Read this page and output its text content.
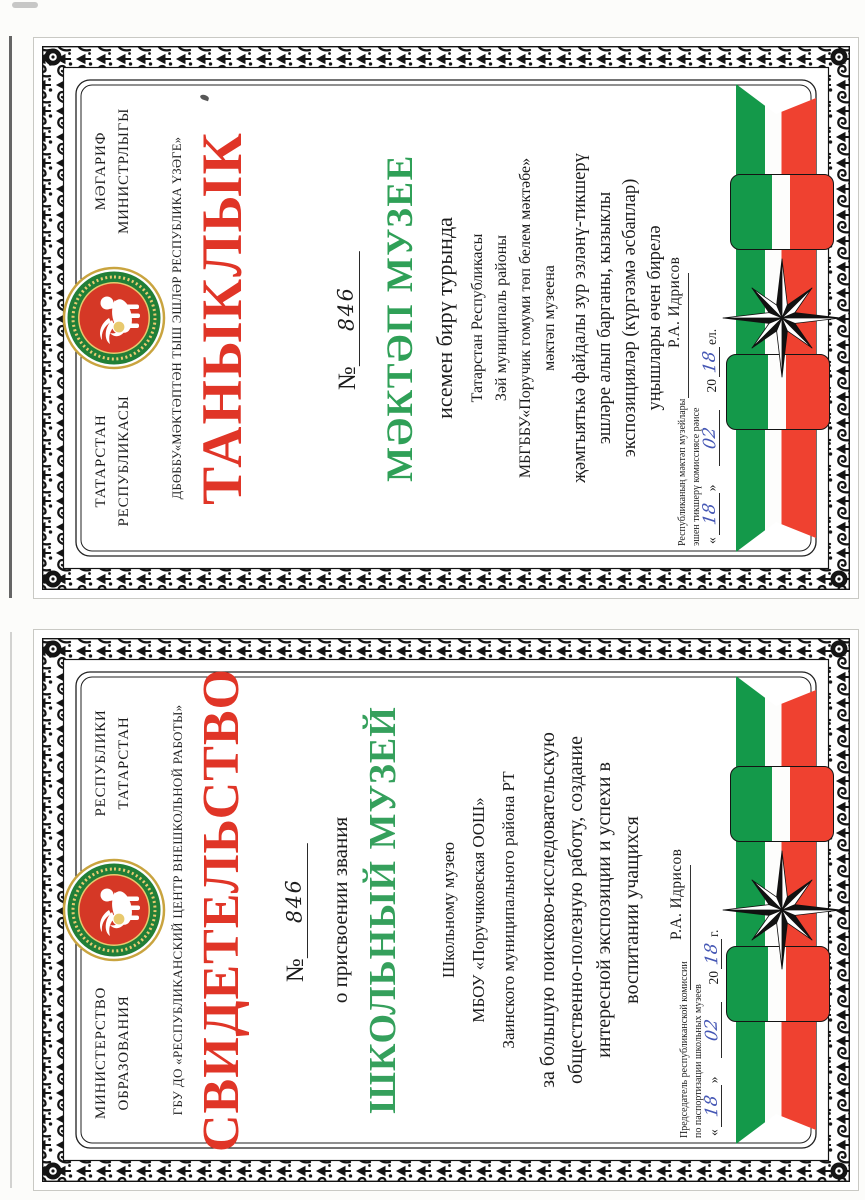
ТАТАРСТАН РЕСПУБЛИКАСЫ
МӘГАРИФ МИНИСТРЛЫГЫ	ДБӨББУ«МӘКТӘПТӘН ТЫШ ЭШЛӘР РЕСПУБЛИКА ҮЗӘГЕ» ТАНЫКЛЫК	№
846 МӘКТӘП МУЗЕЕ исемен бирү турында Татарстан Республикасы Зәй муниципаль районы МБГББУ«Поручик гомуми төп белем мәктәбе» мәктәп музеена җәмгыятькә файдалы зур эзләнү-тикшерү эшләре алып барганы, кызыклы экспозицияләр (күргәзмә әсбаплар) уңышлары өчен бирелә
Республиканың мәктәп музейлары эшен тикшерү комиссиясе рәисе
Р.А. Идрисов
«
18
»
02
20
18
ел.
МИНИСТЕРСТВО ОБРАЗОВАНИЯ
РЕСПУБЛИКИ ТАТАРСТАН	ГБУ ДО «РЕСПУБЛИКАНСКИЙ ЦЕНТР ВНЕШКОЛЬНОЙ РАБОТЫ» СВИДЕТЕЛЬСТВО №
846 о присвоении звания ШКОЛЬНЫЙ МУЗЕЙ Школьному музею МБОУ «Поручиковская ООШ» Заинского муниципального района РТ за большую поисково-исследовательскую общественно-полезную работу, создание интересной экспозиции и успехи в воспитании учащихся
Председатель республиканской комиссии по паспортизации школьных музеев
Р.А. Идрисов
«
18
»
02
20
18
г.
